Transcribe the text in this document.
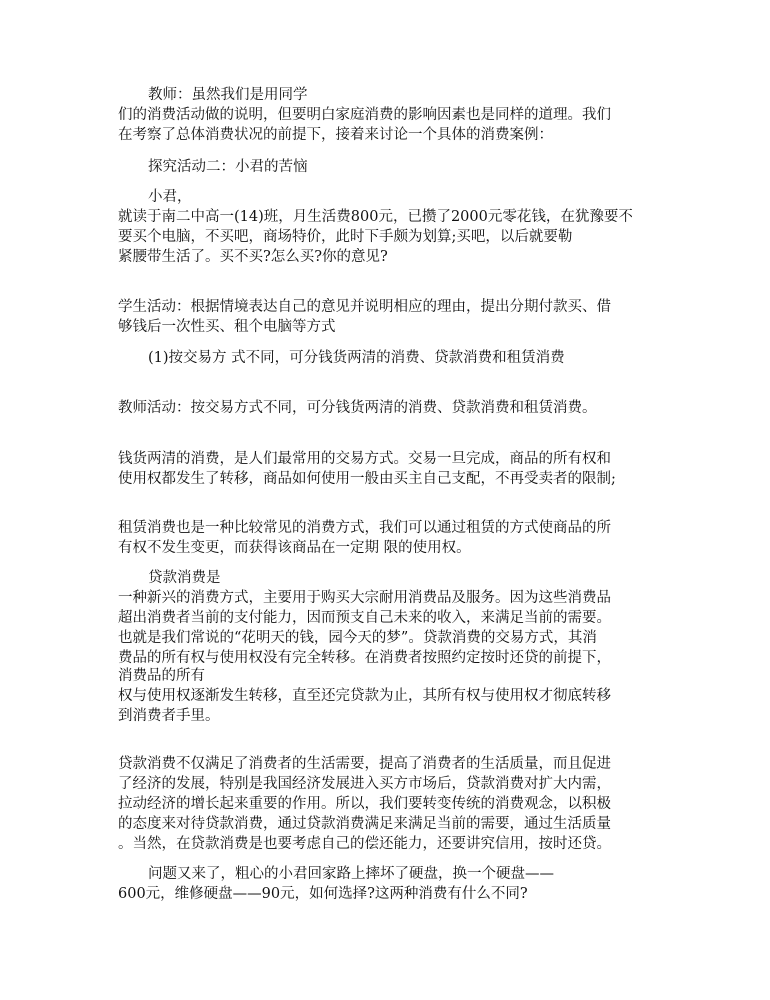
教师：虽然我们是用同学
们的消费活动做的说明，但要明白家庭消费的影响因素也是同样的道理。我们
在考察了总体消费状况的前提下，接着来讨论一个具体的消费案例：
探究活动二：小君的苦恼
小君，
就读于南二中高一(14)班，月生活费800元，已攒了2000元零花钱，在犹豫要不
要买个电脑，不买吧，商场特价，此时下手颇为划算;买吧，以后就要勒
紧腰带生活了。买不买?怎么买?你的意见?
学生活动：根据情境表达自己的意见并说明相应的理由，提出分期付款买、借
够钱后一次性买、租个电脑等方式
(1)按交易方 式不同，可分钱货两清的消费、贷款消费和租赁消费
教师活动：按交易方式不同，可分钱货两清的消费、贷款消费和租赁消费。
钱货两清的消费，是人们最常用的交易方式。交易一旦完成，商品的所有权和
使用权都发生了转移，商品如何使用一般由买主自己支配，不再受卖者的限制;
租赁消费也是一种比较常见的消费方式，我们可以通过租赁的方式使商品的所
有权不发生变更，而获得该商品在一定期 限的使用权。
贷款消费是
一种新兴的消费方式，主要用于购买大宗耐用消费品及服务。因为这些消费品
超出消费者当前的支付能力，因而预支自己未来的收入，来满足当前的需要。
也就是我们常说的“花明天的钱，园今天的梦”。贷款消费的交易方式，其消
费品的所有权与使用权没有完全转移。在消费者按照约定按时还贷的前提下，
消费品的所有
权与使用权逐渐发生转移，直至还完贷款为止，其所有权与使用权才彻底转移
到消费者手里。
贷款消费不仅满足了消费者的生活需要，提高了消费者的生活质量，而且促进
了经济的发展，特别是我国经济发展进入买方市场后，贷款消费对扩大内需，
拉动经济的增长起来重要的作用。所以，我们要转变传统的消费观念，以积极
的态度来对待贷款消费，通过贷款消费满足来满足当前的需要，通过生活质量
。当然，在贷款消费是也要考虑自己的偿还能力，还要讲究信用，按时还贷。
问题又来了，粗心的小君回家路上摔坏了硬盘，换一个硬盘——
600元，维修硬盘——90元，如何选择?这两种消费有什么不同?
